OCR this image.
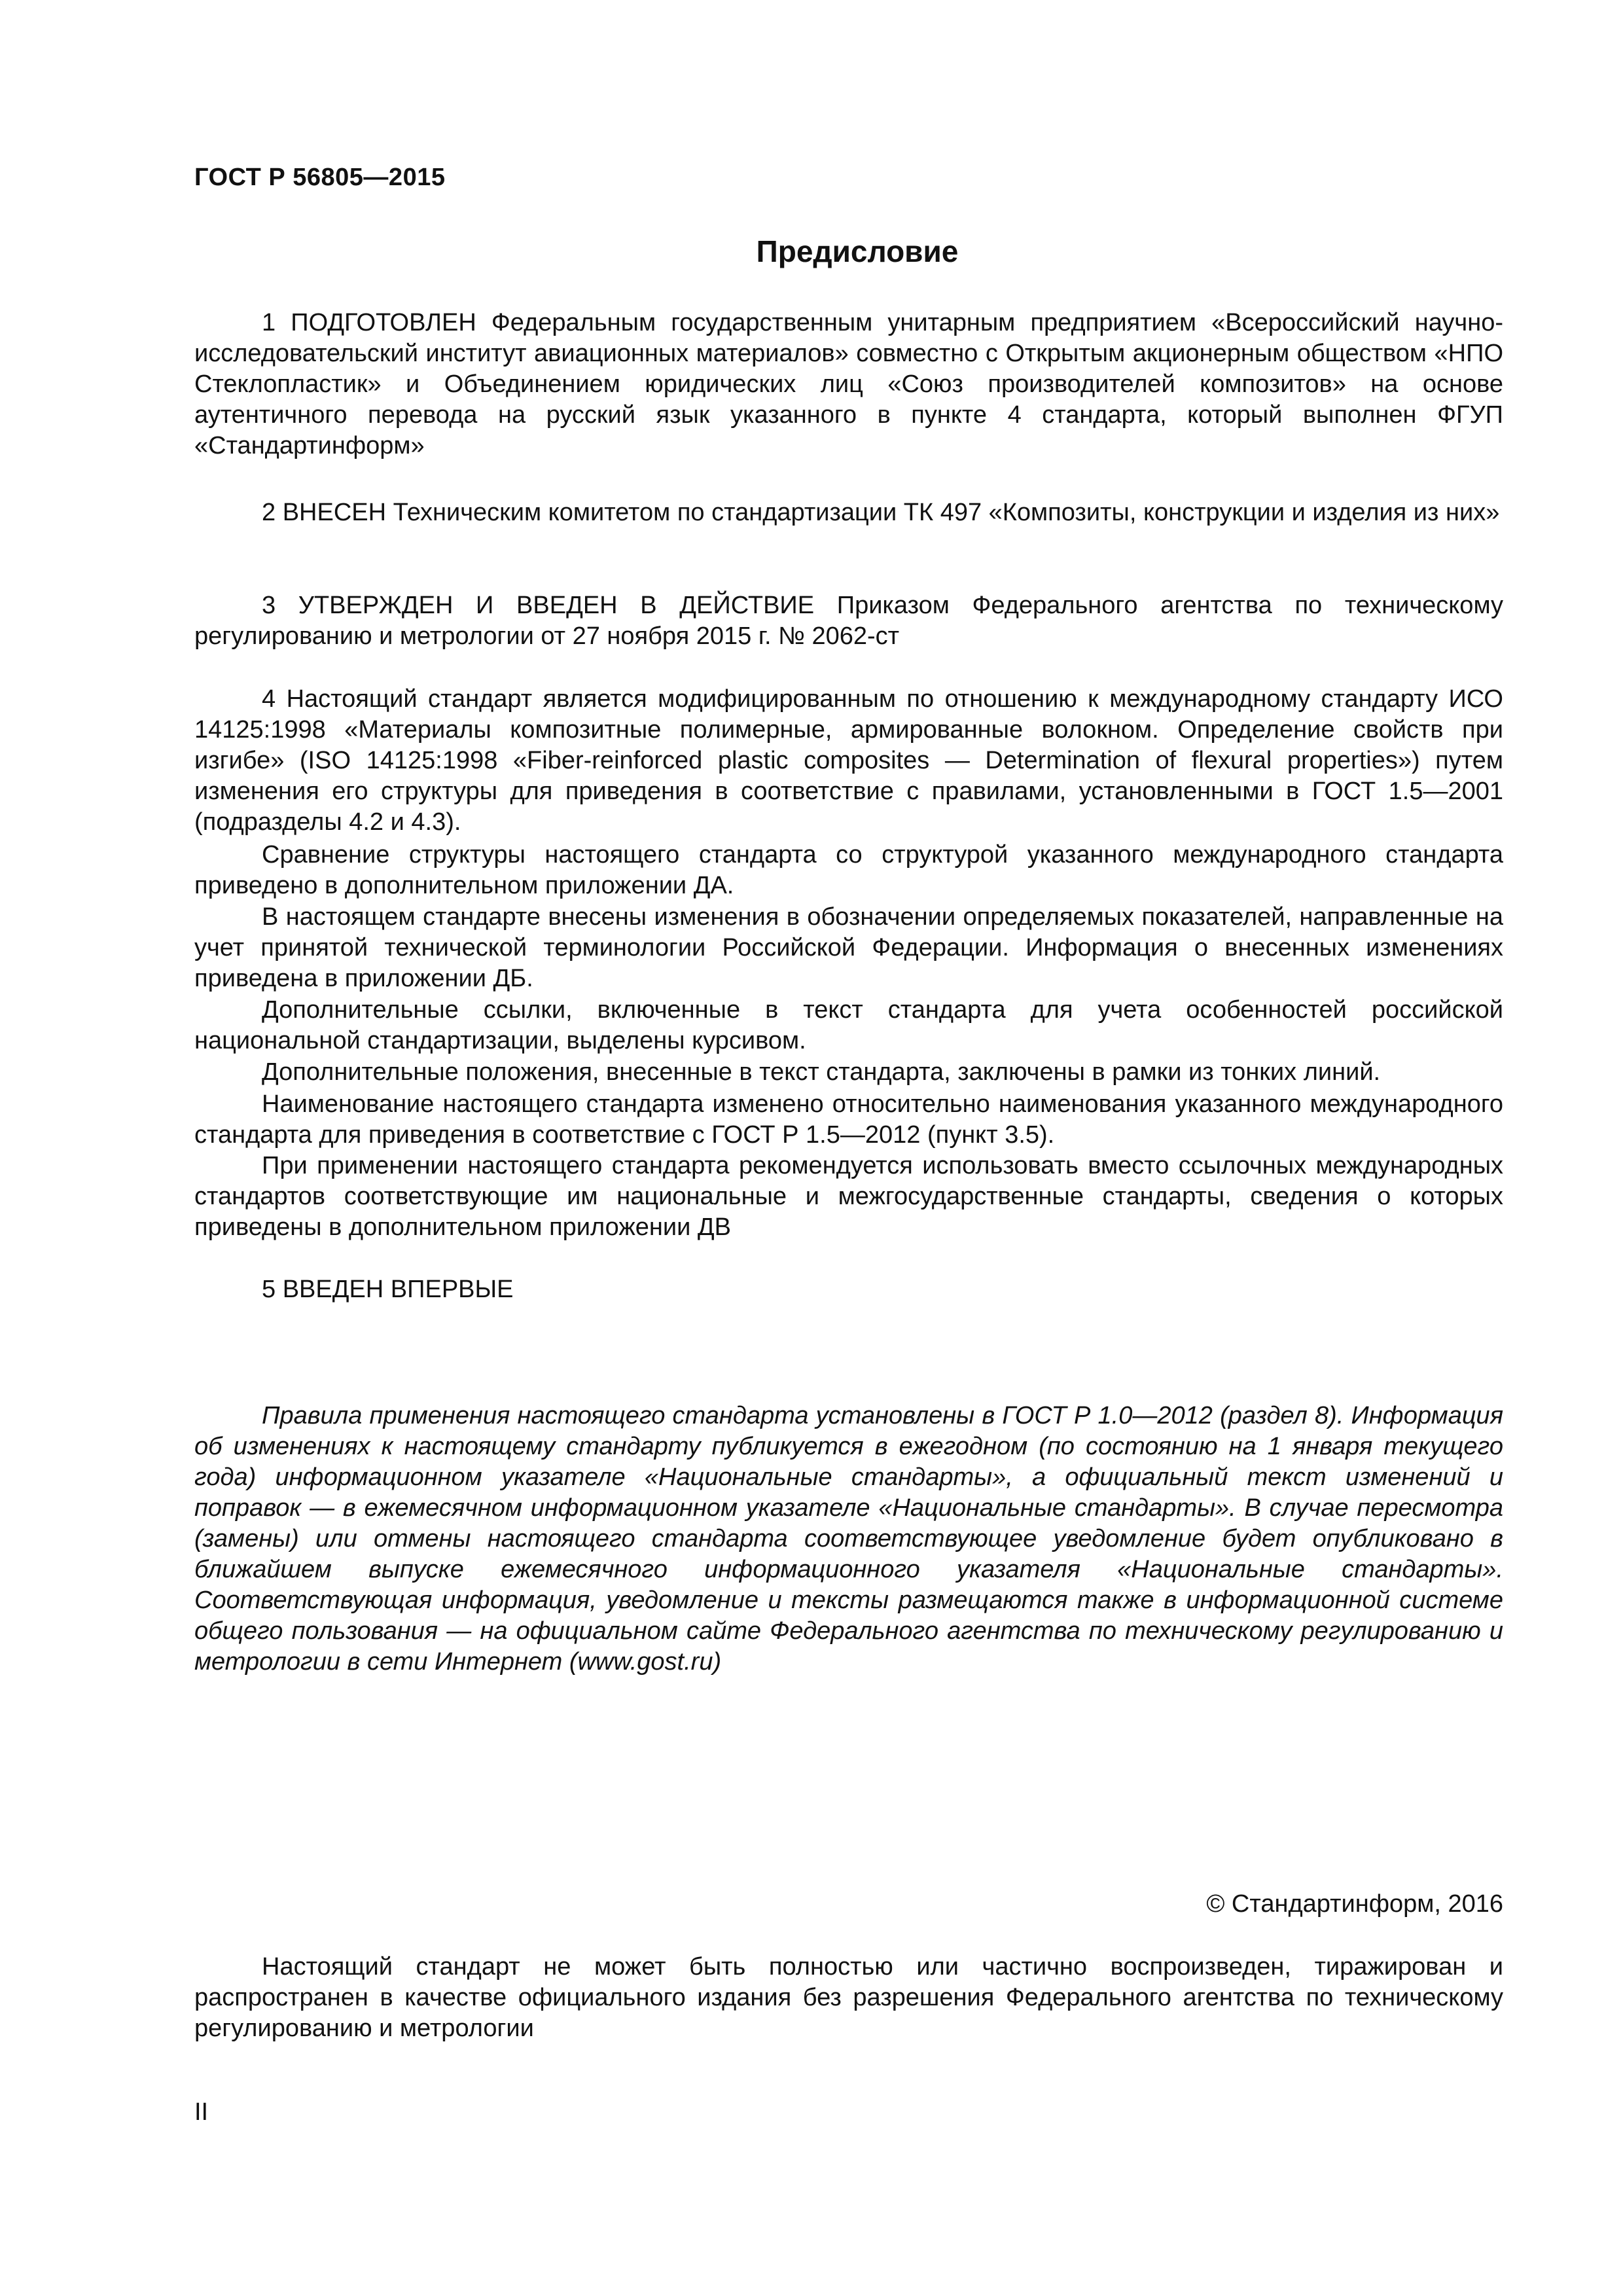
ГОСТ Р 56805—2015
Предисловие
1 ПОДГОТОВЛЕН Федеральным государственным унитарным предприятием «Всероссийский научно-исследовательский институт авиационных материалов» совместно с Открытым акционерным обществом «НПО Стеклопластик» и Объединением юридических лиц «Союз производителей композитов» на основе аутентичного перевода на русский язык указанного в пункте 4 стандарта, который выполнен ФГУП «Стандартинформ»
2 ВНЕСЕН Техническим комитетом по стандартизации ТК 497 «Композиты, конструкции и изделия из них»
3 УТВЕРЖДЕН И ВВЕДЕН В ДЕЙСТВИЕ Приказом Федерального агентства по техническому регулированию и метрологии от 27 ноября 2015 г. № 2062-ст
4 Настоящий стандарт является модифицированным по отношению к международному стандарту ИСО 14125:1998 «Материалы композитные полимерные, армированные волокном. Определение свойств при изгибе» (ISO 14125:1998 «Fiber-reinforced plastic composites — Determination of flexural properties») путем изменения его структуры для приведения в соответствие с правилами, установленными в ГОСТ 1.5—2001 (подразделы 4.2 и 4.3).
Сравнение структуры настоящего стандарта со структурой указанного международного стандарта приведено в дополнительном приложении ДА.
В настоящем стандарте внесены изменения в обозначении определяемых показателей, направленные на учет принятой технической терминологии Российской Федерации. Информация о внесенных изменениях приведена в приложении ДБ.
Дополнительные ссылки, включенные в текст стандарта для учета особенностей российской национальной стандартизации, выделены курсивом.
Дополнительные положения, внесенные в текст стандарта, заключены в рамки из тонких линий.
Наименование настоящего стандарта изменено относительно наименования указанного международного стандарта для приведения в соответствие с ГОСТ Р 1.5—2012 (пункт 3.5).
При применении настоящего стандарта рекомендуется использовать вместо ссылочных международных стандартов соответствующие им национальные и межгосударственные стандарты, сведения о которых приведены в дополнительном приложении ДВ
5 ВВЕДЕН ВПЕРВЫЕ
Правила применения настоящего стандарта установлены в ГОСТ Р 1.0—2012 (раздел 8). Информация об изменениях к настоящему стандарту публикуется в ежегодном (по состоянию на 1 января текущего года) информационном указателе «Национальные стандарты», а официальный текст изменений и поправок — в ежемесячном информационном указателе «Национальные стандарты». В случае пересмотра (замены) или отмены настоящего стандарта соответствующее уведомление будет опубликовано в ближайшем выпуске ежемесячного информационного указателя «Национальные стандарты». Соответствующая информация, уведомление и тексты размещаются также в информационной системе общего пользования — на официальном сайте Федерального агентства по техническому регулированию и метрологии в сети Интернет (www.gost.ru)
© Стандартинформ, 2016
Настоящий стандарт не может быть полностью или частично воспроизведен, тиражирован и распространен в качестве официального издания без разрешения Федерального агентства по техническому регулированию и метрологии
II
